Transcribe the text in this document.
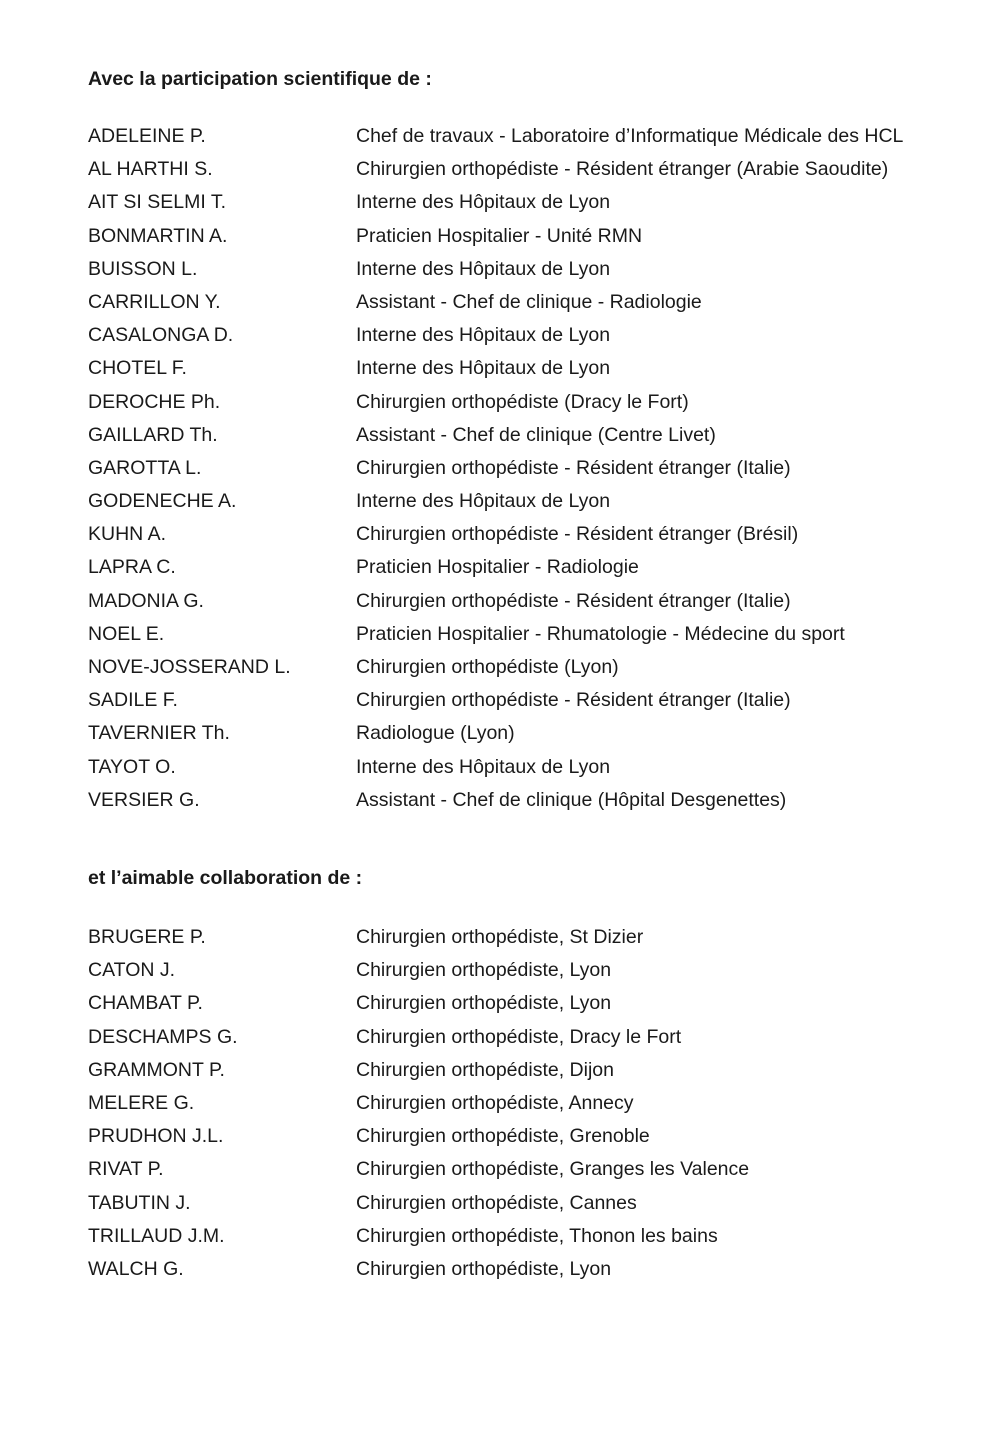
Avec la participation scientifique de :
ADELEINE P.	Chef de travaux - Laboratoire d’Informatique Médicale des HCL
AL HARTHI S.	Chirurgien orthopédiste - Résident étranger (Arabie Saoudite)
AIT SI SELMI T.	Interne des Hôpitaux de Lyon
BONMARTIN A.	Praticien Hospitalier - Unité RMN
BUISSON L.	Interne des Hôpitaux de Lyon
CARRILLON Y.	Assistant - Chef de clinique - Radiologie
CASALONGA D.	Interne des Hôpitaux de Lyon
CHOTEL F.	Interne des Hôpitaux de Lyon
DEROCHE Ph.	Chirurgien orthopédiste (Dracy le Fort)
GAILLARD Th.	Assistant - Chef de clinique (Centre Livet)
GAROTTA L.	Chirurgien orthopédiste - Résident étranger (Italie)
GODENECHE A.	Interne des Hôpitaux de Lyon
KUHN A.	Chirurgien orthopédiste - Résident étranger (Brésil)
LAPRA C.	Praticien Hospitalier - Radiologie
MADONIA G.	Chirurgien orthopédiste - Résident étranger (Italie)
NOEL E.	Praticien Hospitalier - Rhumatologie - Médecine du sport
NOVE-JOSSERAND L.	Chirurgien orthopédiste (Lyon)
SADILE F.	Chirurgien orthopédiste - Résident étranger (Italie)
TAVERNIER Th.	Radiologue (Lyon)
TAYOT O.	Interne des Hôpitaux de Lyon
VERSIER G.	Assistant - Chef de clinique (Hôpital Desgenettes)
et l’aimable collaboration de :
BRUGERE P.	Chirurgien orthopédiste, St Dizier
CATON J.	Chirurgien orthopédiste, Lyon
CHAMBAT P.	Chirurgien orthopédiste, Lyon
DESCHAMPS G.	Chirurgien orthopédiste, Dracy le Fort
GRAMMONT P.	Chirurgien orthopédiste, Dijon
MELERE G.	Chirurgien orthopédiste, Annecy
PRUDHON J.L.	Chirurgien orthopédiste, Grenoble
RIVAT P.	Chirurgien orthopédiste, Granges les Valence
TABUTIN J.	Chirurgien orthopédiste, Cannes
TRILLAUD J.M.	Chirurgien orthopédiste, Thonon les bains
WALCH G.	Chirurgien orthopédiste, Lyon
